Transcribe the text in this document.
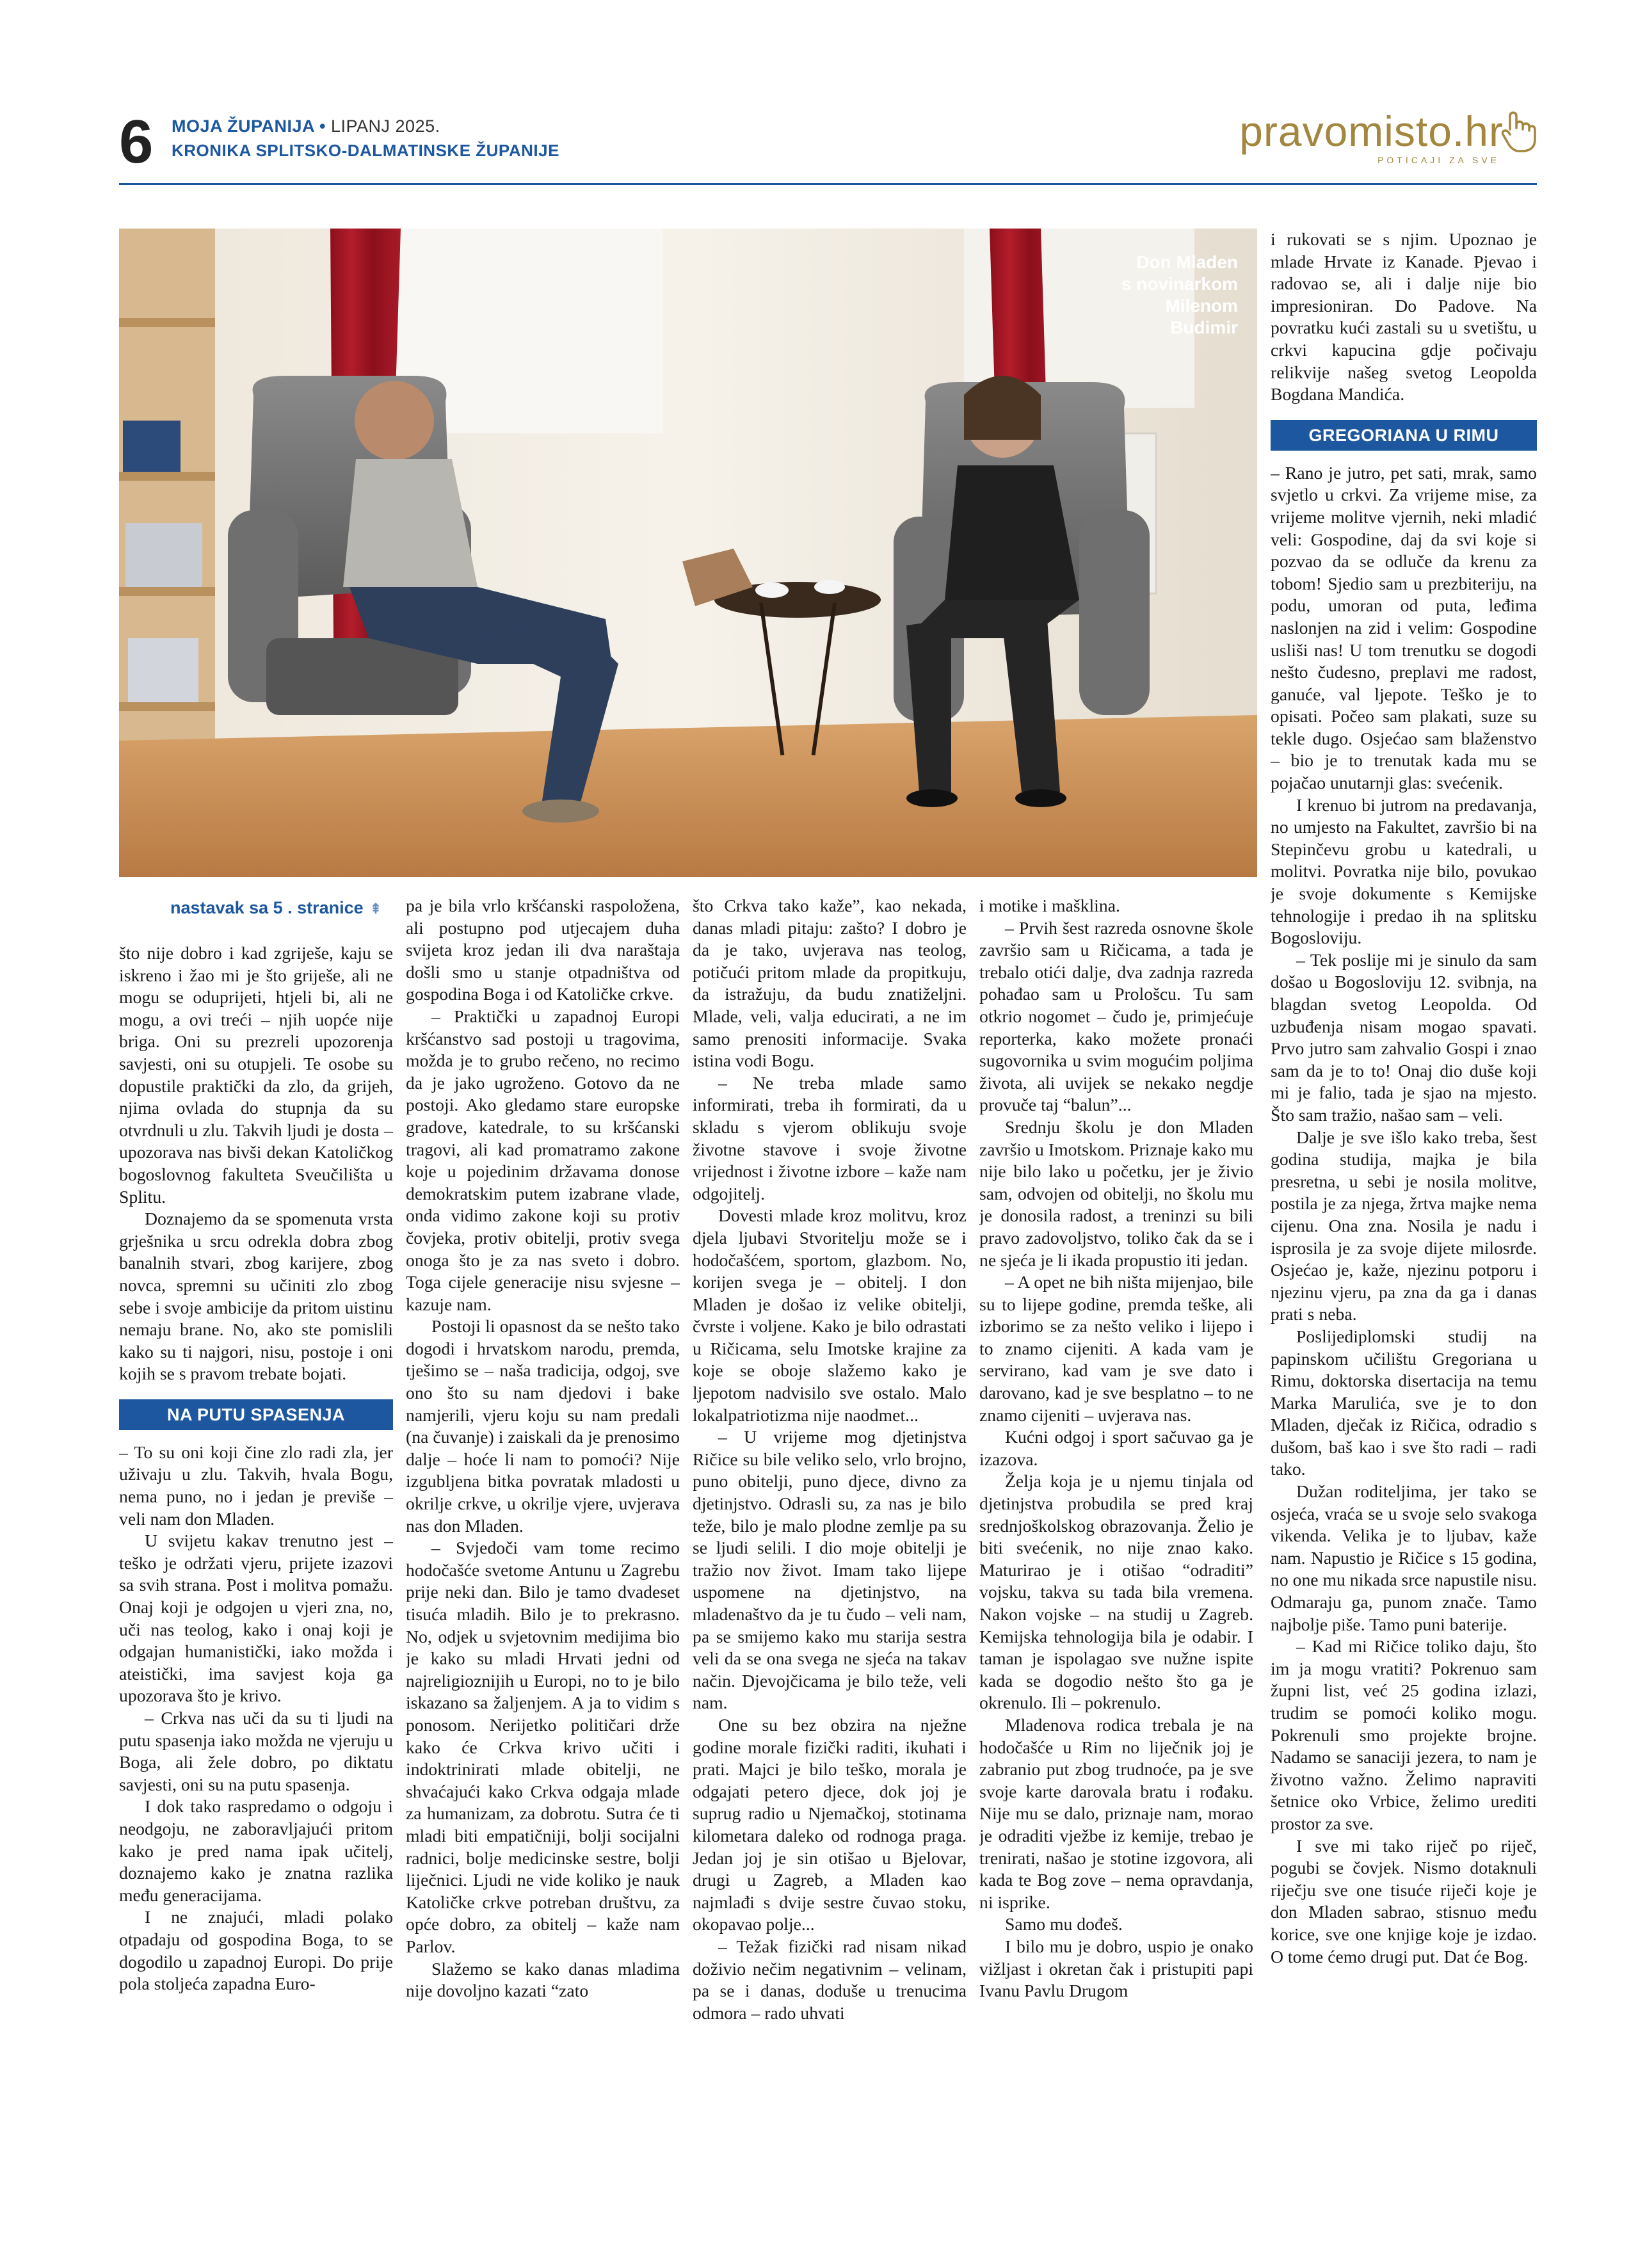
6 MOJA ŽUPANIJA • LIPANJ 2025.
KRONIKA SPLITSKO-DALMATINSKE ŽUPANIJE	pravomisto.hr
POTICAJI ZA SVE
Don Mladen
s novinarkom
Milenom
Budimir
nastavak sa 5 . stranice ⇞

što nije dobro i kad zgriješe, kaju se iskreno i žao mi je što griješe, ali ne mogu se oduprijeti, htjeli bi, ali ne mogu, a ovi treći – njih uopće nije briga. Oni su prezreli upozorenja savjesti, oni su otupjeli. Te osobe su dopustile praktički da zlo, da grijeh, njima ovlada do stupnja da su otvrdnuli u zlu. Takvih ljudi je dosta – upozorava nas bivši dekan Katoličkog bogoslovnog fakulteta Sveučilišta u Splitu.

Doznajemo da se spomenuta vrsta grješnika u srcu odrekla dobra zbog banalnih stvari, zbog karijere, zbog novca, spremni su učiniti zlo zbog sebe i svoje ambicije da pritom uistinu nemaju brane. No, ako ste pomislili kako su ti najgori, nisu, postoje i oni kojih se s pravom trebate bojati.

NA PUTU SPASENJA

– To su oni koji čine zlo radi zla, jer uživaju u zlu. Takvih, hvala Bogu, nema puno, no i jedan je previše – veli nam don Mladen.

U svijetu kakav trenutno jest – teško je održati vjeru, prijete izazovi sa svih strana. Post i molitva pomažu. Onaj koji je odgojen u vjeri zna, no, uči nas teolog, kako i onaj koji je odgajan humanistički, iako možda i ateistički, ima savjest koja ga upozorava što je krivo.

– Crkva nas uči da su ti ljudi na putu spasenja iako možda ne vjeruju u Boga, ali žele dobro, po diktatu savjesti, oni su na putu spasenja.

I dok tako raspredamo o odgoju i neodgoju, ne zaboravljajući pritom kako je pred nama ipak učitelj, doznajemo kako je znatna razlika među generacijama.

I ne znajući, mladi polako otpadaju od gospodina Boga, to se dogodilo u zapadnoj Europi. Do prije pola stoljeća zapadna Euro-

pa je bila vrlo kršćanski raspoložena, ali postupno pod utjecajem duha svijeta kroz jedan ili dva naraštaja došli smo u stanje otpadništva od gospodina Boga i od Katoličke crkve.

– Praktički u zapadnoj Europi kršćanstvo sad postoji u tragovima, možda je to grubo rečeno, no recimo da je jako ugroženo. Gotovo da ne postoji. Ako gledamo stare europske gradove, katedrale, to su kršćanski tragovi, ali kad promatramo zakone koje u pojedinim državama donose demokratskim putem izabrane vlade, onda vidimo zakone koji su protiv čovjeka, protiv obitelji, protiv svega onoga što je za nas sveto i dobro. Toga cijele generacije nisu svjesne – kazuje nam.

Postoji li opasnost da se nešto tako dogodi i hrvatskom narodu, premda, tješimo se – naša tradicija, odgoj, sve ono što su nam djedovi i bake namjerili, vjeru koju su nam predali (na čuvanje) i zaiskali da je prenosimo dalje – hoće li nam to pomoći? Nije izgubljena bitka povratak mladosti u okrilje crkve, u okrilje vjere, uvjerava nas don Mladen.

– Svjedoči vam tome recimo hodočašće svetome Antunu u Zagrebu prije neki dan. Bilo je tamo dvadeset tisuća mladih. Bilo je to prekrasno. No, odjek u svjetovnim medijima bio je kako su mladi Hrvati jedni od najreligioznijih u Europi, no to je bilo iskazano sa žaljenjem. A ja to vidim s ponosom. Nerijetko političari drže kako će Crkva krivo učiti i indoktrinirati mlade obitelji, ne shvaćajući kako Crkva odgaja mlade za humanizam, za dobrotu. Sutra će ti mladi biti empatičniji, bolji socijalni radnici, bolje medicinske sestre, bolji liječnici. Ljudi ne vide koliko je nauk Katoličke crkve potreban društvu, za opće dobro, za obitelj – kaže nam Parlov.

Slažemo se kako danas mladima nije dovoljno kazati “zato

što Crkva tako kaže”, kao nekada, danas mladi pitaju: zašto? I dobro je da je tako, uvjerava nas teolog, potičući pritom mlade da propitkuju, da istražuju, da budu znatiželjni. Mlade, veli, valja educirati, a ne im samo prenositi informacije. Svaka istina vodi Bogu.

– Ne treba mlade samo informirati, treba ih formirati, da u skladu s vjerom oblikuju svoje životne stavove i svoje životne vrijednost i životne izbore – kaže nam odgojitelj.

Dovesti mlade kroz molitvu, kroz djela ljubavi Stvoritelju može se i hodočašćem, sportom, glazbom. No, korijen svega je – obitelj. I don Mladen je došao iz velike obitelji, čvrste i voljene. Kako je bilo odrastati u Ričicama, selu Imotske krajine za koje se oboje slažemo kako je ljepotom nadvisilo sve ostalo. Malo lokalpatriotizma nije naodmet...

– U vrijeme mog djetinjstva Ričice su bile veliko selo, vrlo brojno, puno obitelji, puno djece, divno za djetinjstvo. Odrasli su, za nas je bilo teže, bilo je malo plodne zemlje pa su se ljudi selili. I dio moje obitelji je tražio nov život. Imam tako lijepe uspomene na djetinjstvo, na mladenaštvo da je tu čudo – veli nam, pa se smijemo kako mu starija sestra veli da se ona svega ne sjeća na takav način. Djevojčicama je bilo teže, veli nam.

One su bez obzira na nježne godine morale fizički raditi, ikuhati i prati. Majci je bilo teško, morala je odgajati petero djece, dok joj je suprug radio u Njemačkoj, stotinama kilometara daleko od rodnoga praga. Jedan joj je sin otišao u Bjelovar, drugi u Zagreb, a Mladen kao najmlađi s dvije sestre čuvao stoku, okopavao polje...

– Težak fizički rad nisam nikad doživio nečim negativnim – velinam, pa se i danas, doduše u trenucima odmora – rado uhvati

i motike i mašklina.

– Prvih šest razreda osnovne škole završio sam u Ričicama, a tada je trebalo otići dalje, dva zadnja razreda pohađao sam u Prološcu. Tu sam otkrio nogomet – čudo je, primjećuje reporterka, kako možete pronaći sugovornika u svim mogućim poljima života, ali uvijek se nekako negdje provuče taj “balun”...

Srednju školu je don Mladen završio u Imotskom. Priznaje kako mu nije bilo lako u početku, jer je živio sam, odvojen od obitelji, no školu mu je donosila radost, a treninzi su bili pravo zadovoljstvo, toliko čak da se i ne sjeća je li ikada propustio iti jedan.

– A opet ne bih ništa mijenjao, bile su to lijepe godine, premda teške, ali izborimo se za nešto veliko i lijepo i to znamo cijeniti. A kada vam je servirano, kad vam je sve dato i darovano, kad je sve besplatno – to ne znamo cijeniti – uvjerava nas.

Kućni odgoj i sport sačuvao ga je izazova.

Želja koja je u njemu tinjala od djetinjstva probudila se pred kraj srednjoškolskog obrazovanja. Želio je biti svećenik, no nije znao kako. Maturirao je i otišao “odraditi” vojsku, takva su tada bila vremena. Nakon vojske – na studij u Zagreb. Kemijska tehnologija bila je odabir. I taman je ispolagao sve nužne ispite kada se dogodio nešto što ga je okrenulo. Ili – pokrenulo.

Mladenova rodica trebala je na hodočašće u Rim no liječnik joj je zabranio put zbog trudnoće, pa je sve svoje karte darovala bratu i rođaku. Nije mu se dalo, priznaje nam, morao je odraditi vježbe iz kemije, trebao je trenirati, našao je stotine izgovora, ali kada te Bog zove – nema opravdanja, ni isprike.

Samo mu dođeš.

I bilo mu je dobro, uspio je onako vižljast i okretan čak i pristupiti papi Ivanu Pavlu Drugom

i rukovati se s njim. Upoznao je mlade Hrvate iz Kanade. Pjevao i radovao se, ali i dalje nije bio impresioniran. Do Padove. Na povratku kući zastali su u svetištu, u crkvi kapucina gdje počivaju relikvije našeg svetog Leopolda Bogdana Mandića.

GREGORIANA U RIMU

– Rano je jutro, pet sati, mrak, samo svjetlo u crkvi. Za vrijeme mise, za vrijeme molitve vjernih, neki mladić veli: Gospodine, daj da svi koje si pozvao da se odluče da krenu za tobom! Sjedio sam u prezbiteriju, na podu, umoran od puta, leđima naslonjen na zid i velim: Gospodine usliši nas! U tom trenutku se dogodi nešto čudesno, preplavi me radost, ganuće, val ljepote. Teško je to opisati. Počeo sam plakati, suze su tekle dugo. Osjećao sam blaženstvo – bio je to trenutak kada mu se pojačao unutarnji glas: svećenik.

I krenuo bi jutrom na predavanja, no umjesto na Fakultet, završio bi na Stepinčevu grobu u katedrali, u molitvi. Povratka nije bilo, povukao je svoje dokumente s Kemijske tehnologije i predao ih na splitsku Bogosloviju.

– Tek poslije mi je sinulo da sam došao u Bogosloviju 12. svibnja, na blagdan svetog Leopolda. Od uzbuđenja nisam mogao spavati. Prvo jutro sam zahvalio Gospi i znao sam da je to to! Onaj dio duše koji mi je falio, tada je sjao na mjesto. Što sam tražio, našao sam – veli.

Dalje je sve išlo kako treba, šest godina studija, majka je bila presretna, u sebi je nosila molitve, postila je za njega, žrtva majke nema cijenu. Ona zna. Nosila je nadu i isprosila je za svoje dijete milosrđe. Osjećao je, kaže, njezinu potporu i njezinu vjeru, pa zna da ga i danas prati s neba.

Poslijediplomski studij na papinskom učilištu Gregoriana u Rimu, doktorska disertacija na temu Marka Marulića, sve je to don Mladen, dječak iz Ričica, odradio s dušom, baš kao i sve što radi – radi tako.

Dužan roditeljima, jer tako se osjeća, vraća se u svoje selo svakoga vikenda. Velika je to ljubav, kaže nam. Napustio je Ričice s 15 godina, no one mu nikada srce napustile nisu. Odmaraju ga, punom znače. Tamo najbolje piše. Tamo puni baterije.

– Kad mi Ričice toliko daju, što im ja mogu vratiti? Pokrenuo sam župni list, već 25 godina izlazi, trudim se pomoći koliko mogu. Pokrenuli smo projekte brojne. Nadamo se sanaciji jezera, to nam je životno važno. Želimo napraviti šetnice oko Vrbice, želimo urediti prostor za sve.

I sve mi tako riječ po riječ, pogubi se čovjek. Nismo dotaknuli riječju sve one tisuće riječi koje je don Mladen sabrao, stisnuo među korice, sve one knjige koje je izdao. O tome ćemo drugi put. Dat će Bog.
